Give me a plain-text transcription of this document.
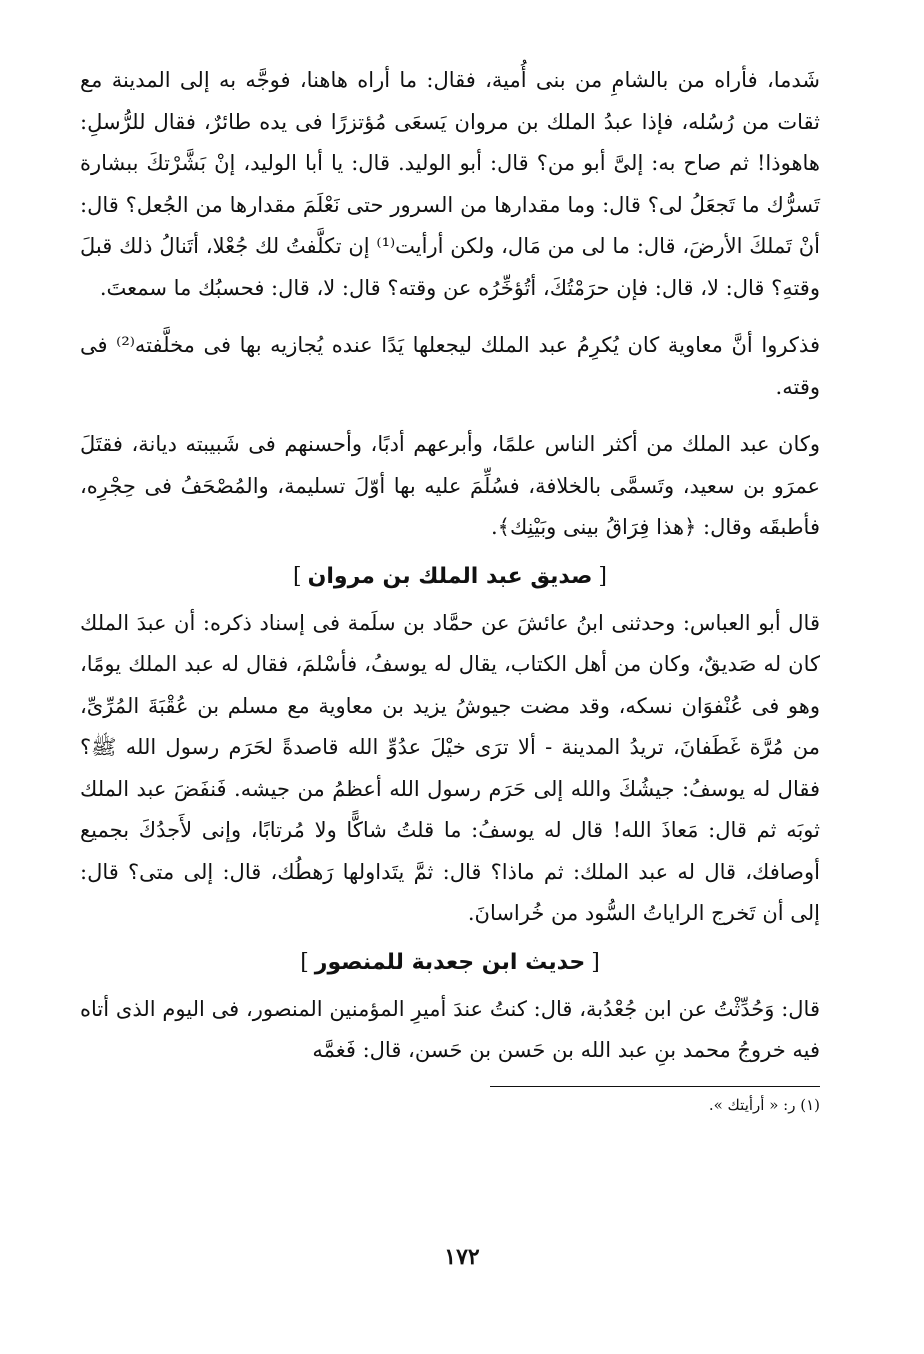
شَدما، فأراه من بالشامِ من بنى أُمية، فقال: ما أراه هاهنا، فوجَّه به إلى المدينة مع ثقات من رُسُله، فإذا عبدُ الملك بن مروان يَسعَى مُؤتزرًا فى يده طائرٌ، فقال للرُّسلِ: هاهوذا! ثم صاح به: إلىَّ أبو من؟ قال: أبو الوليد. قال: يا أبا الوليد، إنْ بَشَّرْتكَ ببشارة تَسرُّك ما تَجعَلُ لى؟ قال: وما مقدارها من السرور حتى نَعْلَمَ مقدارها من الجُعل؟ قال: أنْ تَملكَ الأرضَ، قال: ما لى من مَال، ولكن أرأيت⁽¹⁾ إن تكلَّفتُ لك جُعْلا، أتَنالُ ذلك قبلَ وقتهِ؟ قال: لا، قال: فإن حرَمْتُكَ، أتُؤخِّرُه عن وقته؟ قال: لا، قال: فحسبُك ما سمعتَ.

فذكروا أنَّ معاوية كان يُكرِمُ عبد الملك ليجعلها يَدًا عنده يُجازيه بها فى مخلَّفته⁽²⁾ فى وقته.

وكان عبد الملك من أكثر الناس علمًا، وأبرعهم أدبًا، وأحسنهم فى شَبيبته ديانة، فقتَلَ عمرَو بن سعيد، وتَسمَّى بالخلافة، فسُلِّمَ عليه بها أوّلَ تسليمة، والمُصْحَفُ فى حِجْرِه، فأطبقَه وقال: ﴿هذا فِرَاقُ بينى وبَيْنِك﴾.

[صديق عبد الملك بن مروان]

قال أبو العباس: وحدثنى ابنُ عائشَ عن حمَّاد بن سلَمة فى إسناد ذكره: أن عبدَ الملك كان له صَديقٌ، وكان من أهل الكتاب، يقال له يوسفُ، فأسْلمَ، فقال له عبد الملك يومًا، وهو فى عُنْفوَان نسكه، وقد مضت جيوشُ يزيد بن معاوية مع مسلم بن عُقْبَةَ المُرِّىِّ، من مُرَّة غَطَفانَ، تريدُ المدينة - ألا ترَى خيْلَ عدُوِّ الله قاصدةً لحَرَم رسول الله ﷺ؟ فقال له يوسفُ: جيشُكَ والله إلى حَرَم رسول الله أعظمُ من جيشه. فَنفَضَ عبد الملك ثوبَه ثم قال: مَعاذَ الله! قال له يوسفُ: ما قلتُ شاكًّا ولا مُرتابًا، وإنى لأَجدُكَ بجميع أوصافك، قال له عبد الملك: ثم ماذا؟ قال: ثمَّ يتَداولها رَهطُك، قال: إلى متى؟ قال: إلى أن تَخرج الراياتُ السُّود من خُراسانَ.

[حديث ابن جعدبة للمنصور]

قال: وَحُدِّثْتُ عن ابن جُعْدُبة، قال: كنتُ عندَ أميرِ المؤمنين المنصور، فى اليوم الذى أتاه فيه خروجُ محمد بنِ عبد الله بن حَسن بن حَسن، قال: فَغمَّه

(١) ر: « أرأيتك ».
١٧٢
